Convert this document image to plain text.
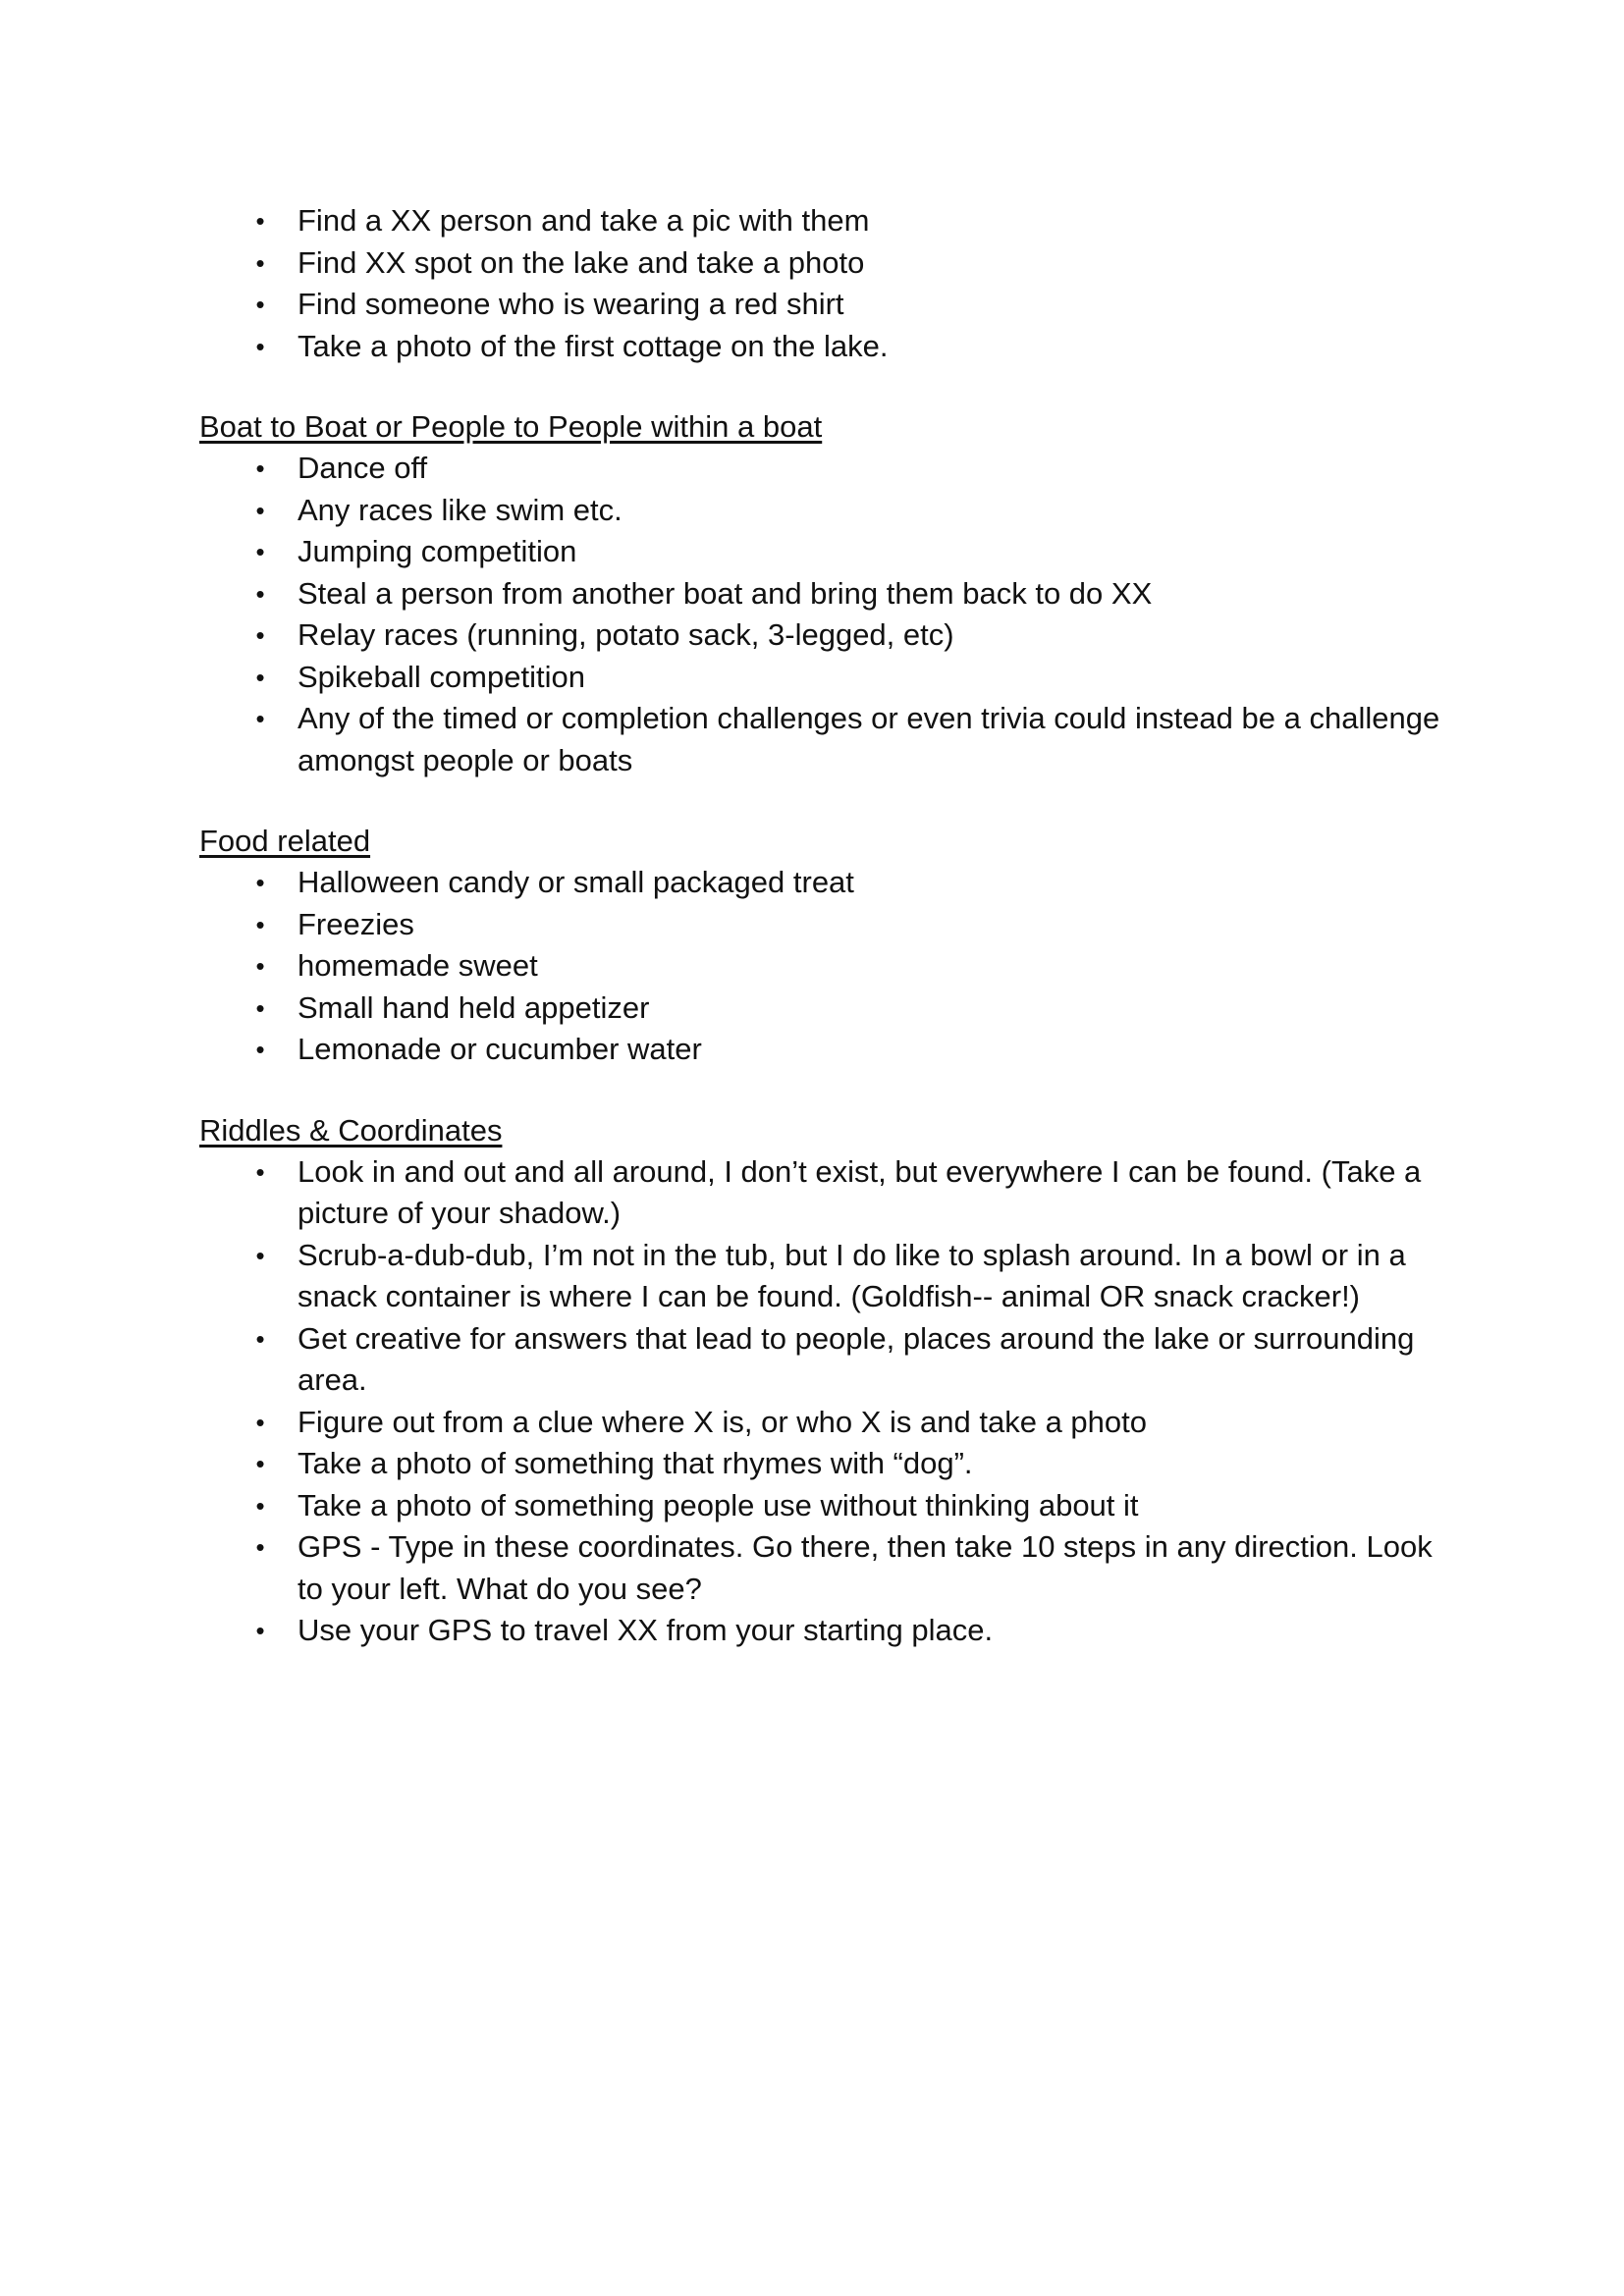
• Find a XX person and take a pic with them
• Find XX spot on the lake and take a photo
• Find someone who is wearing a red shirt
• Take a photo of the first cottage on the lake.

Boat to Boat or People to People within a boat

• Dance off
• Any races like swim etc.
• Jumping competition
• Steal a person from another boat and bring them back to do XX
• Relay races (running, potato sack, 3-legged, etc)
• Spikeball competition
• Any of the timed or completion challenges or even trivia could instead be a challenge amongst people or boats

Food related

• Halloween candy or small packaged treat
• Freezies
• homemade sweet
• Small hand held appetizer
• Lemonade or cucumber water

Riddles & Coordinates

• Look in and out and all around, I don’t exist, but everywhere I can be found. (Take a picture of your shadow.)
• Scrub-a-dub-dub, I’m not in the tub, but I do like to splash around. In a bowl or in a snack container is where I can be found. (Goldfish-- animal OR snack cracker!)
• Get creative for answers that lead to people, places around the lake or surrounding area.
• Figure out from a clue where X is, or who X is and take a photo
• Take a photo of something that rhymes with “dog”.
• Take a photo of something people use without thinking about it
• GPS - Type in these coordinates. Go there, then take 10 steps in any direction. Look to your left. What do you see?
• Use your GPS to travel XX from your starting place.
